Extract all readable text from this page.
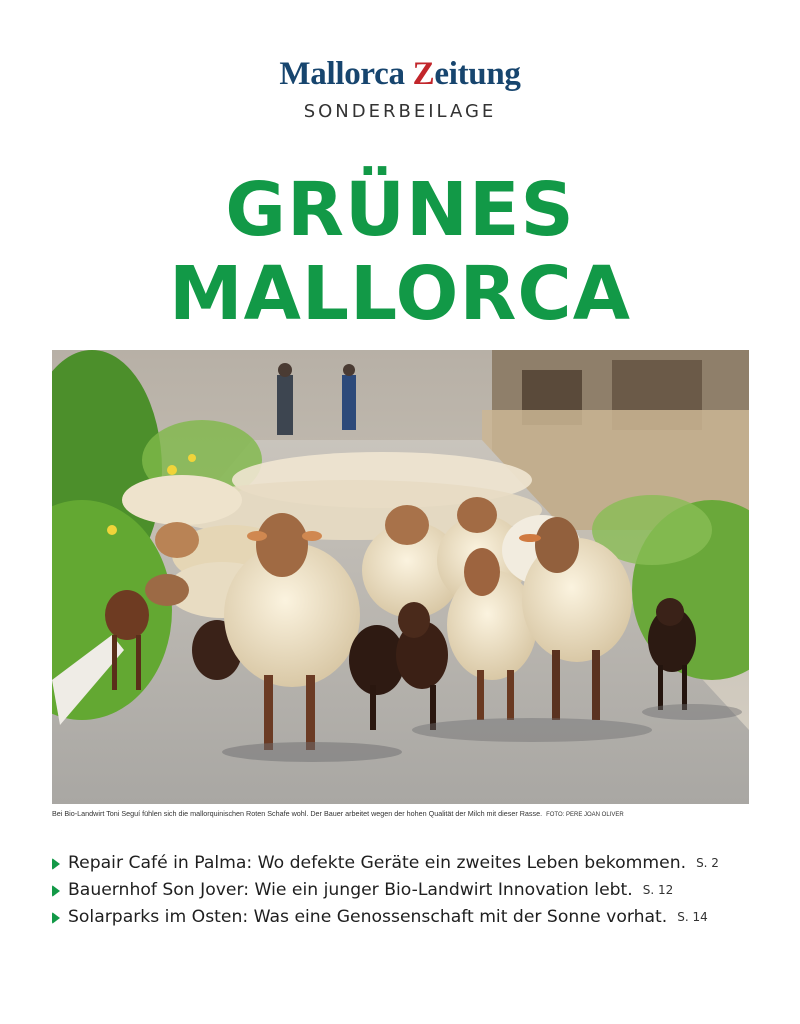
Mallorca Zeitung
SONDERBEILAGE
GRÜNES
MALLORCA
Bei Bio-Landwirt Toni Seguí fühlen sich die mallorquinischen Roten Schafe wohl. Der Bauer arbeitet wegen der hohen Qualität der Milch mit dieser Rasse. FOTO: PERE JOAN OLIVER
Repair Café in Palma: Wo defekte Geräte ein zweites Leben bekommen. S. 2
Bauernhof Son Jover: Wie ein junger Bio-Landwirt Innovation lebt. S. 12
Solarparks im Osten: Was eine Genossenschaft mit der Sonne vorhat. S. 14
